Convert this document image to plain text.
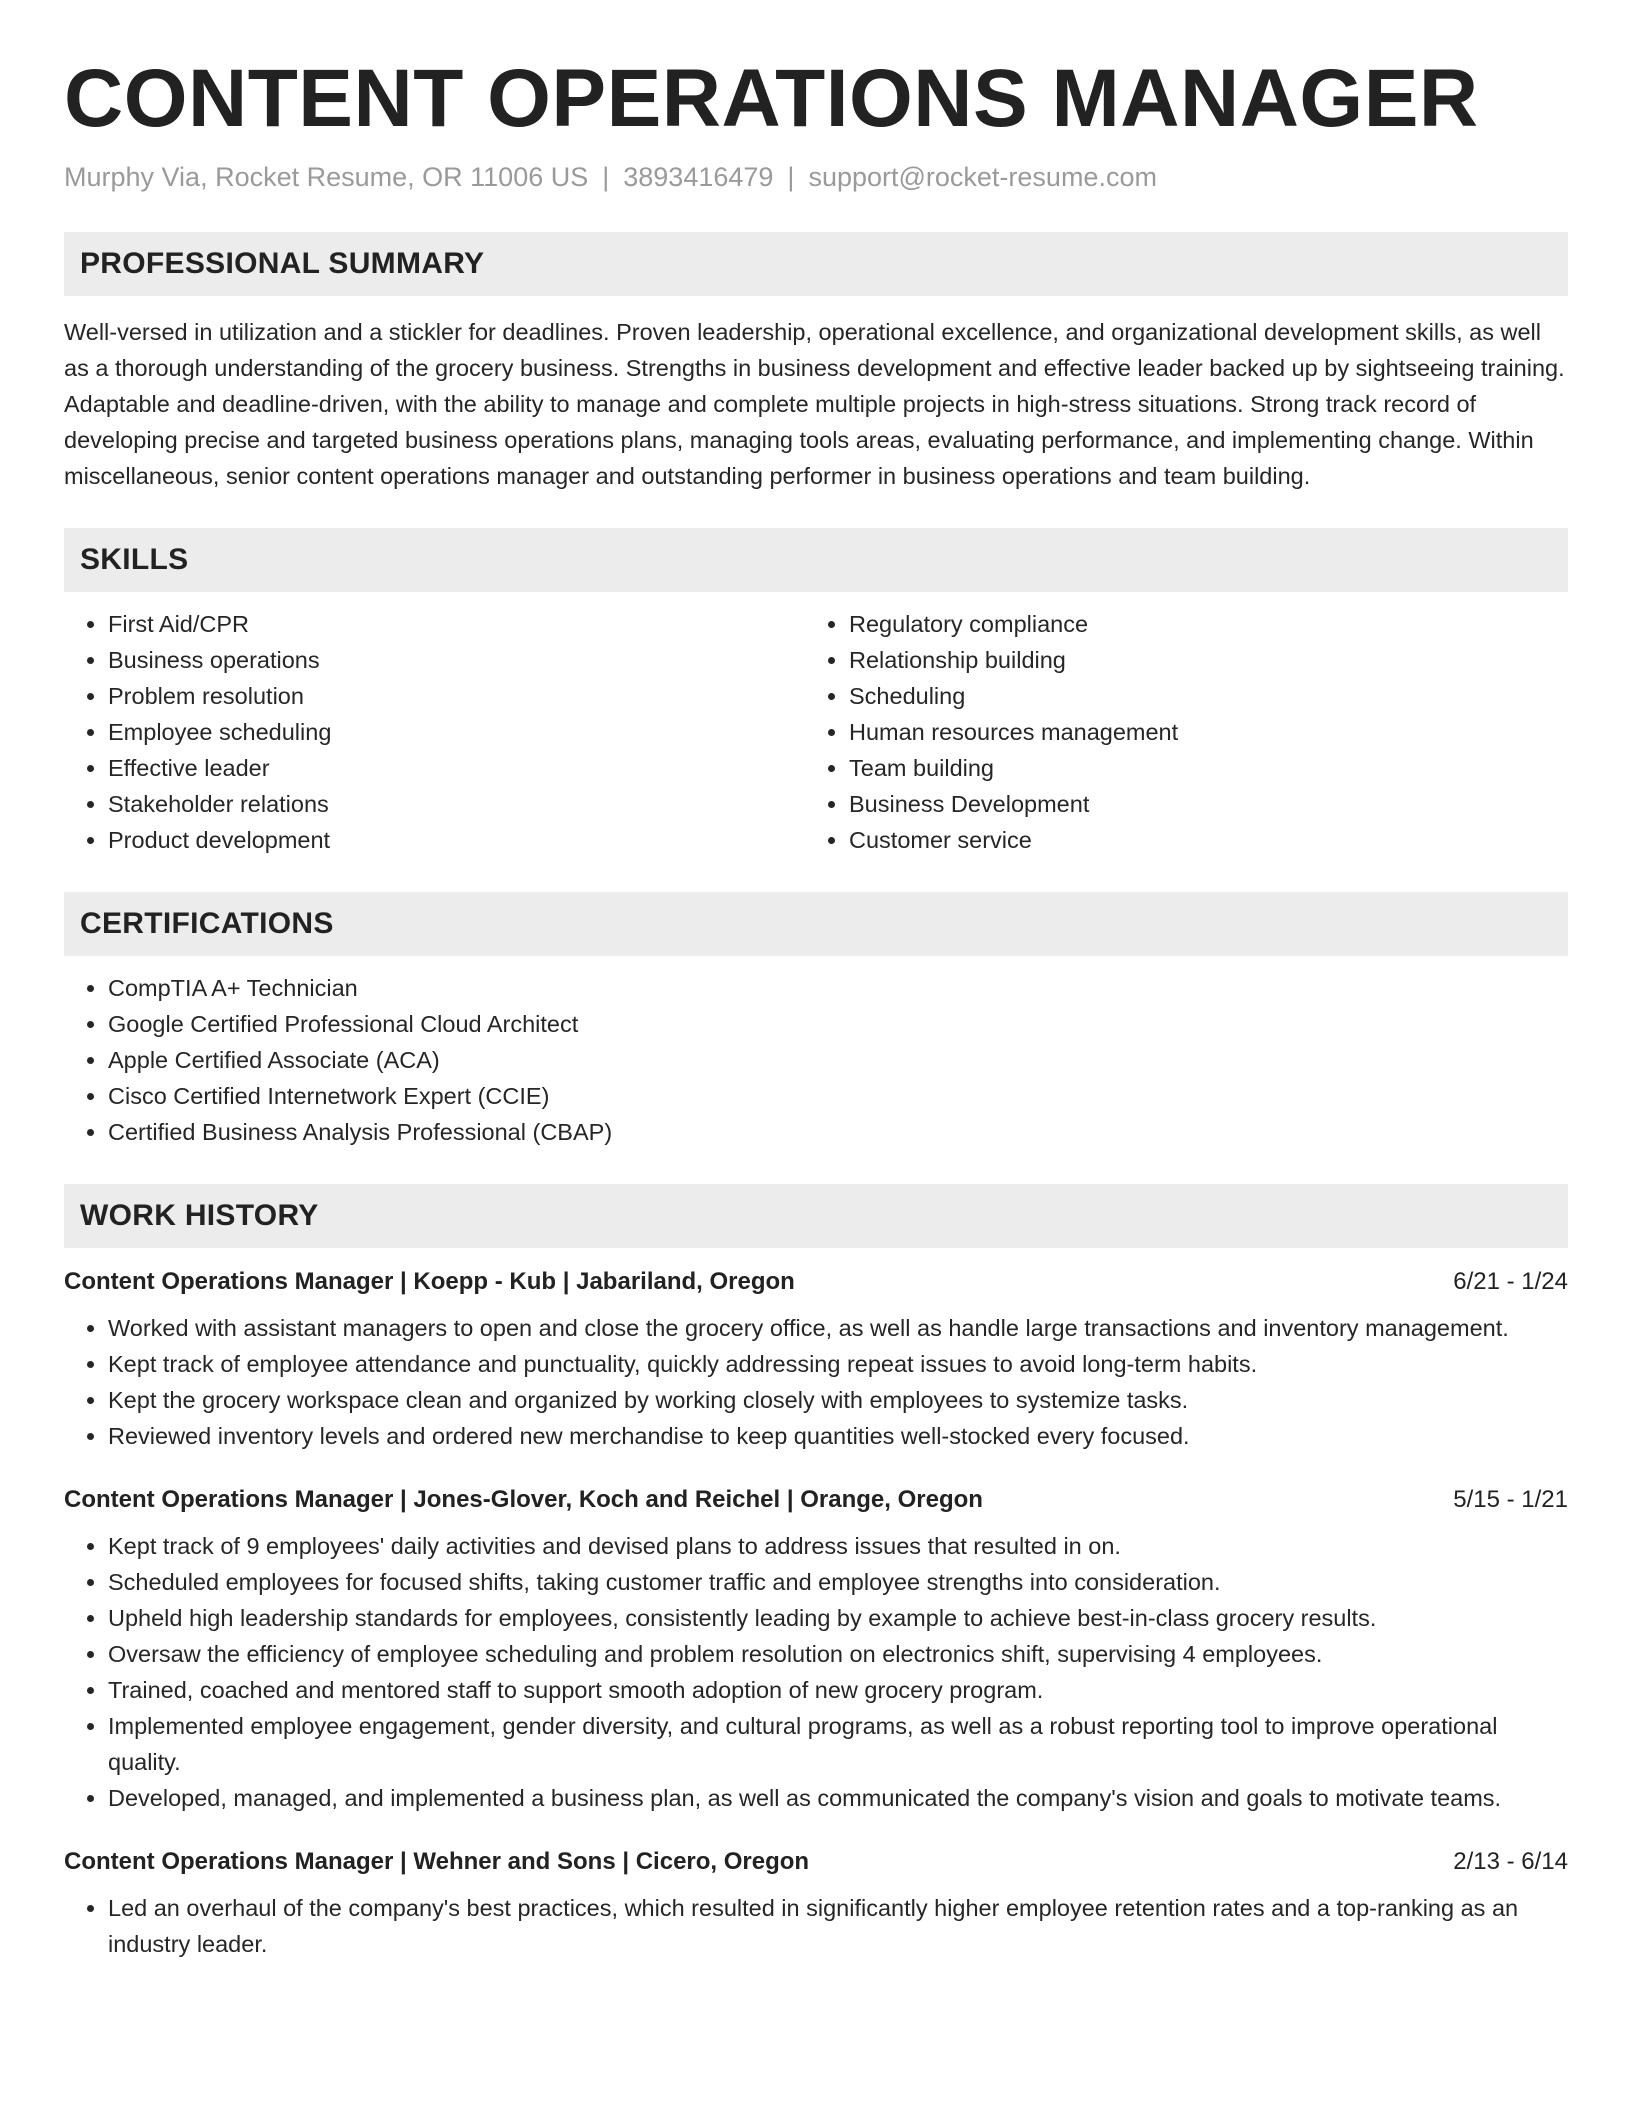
CONTENT OPERATIONS MANAGER
Murphy Via, Rocket Resume, OR 11006 US | 3893416479 | support@rocket-resume.com
PROFESSIONAL SUMMARY

Well-versed in utilization and a stickler for deadlines. Proven leadership, operational excellence, and organizational development skills, as well as a thorough understanding of the grocery business. Strengths in business development and effective leader backed up by sightseeing training. Adaptable and deadline-driven, with the ability to manage and complete multiple projects in high-stress situations. Strong track record of developing precise and targeted business operations plans, managing tools areas, evaluating performance, and implementing change. Within miscellaneous, senior content operations manager and outstanding performer in business operations and team building.

SKILLS
• First Aid/CPR
• Business operations
• Problem resolution
• Employee scheduling
• Effective leader
• Stakeholder relations
• Product development
• Regulatory compliance
• Relationship building
• Scheduling
• Human resources management
• Team building
• Business Development
• Customer service
CERTIFICATIONS
• CompTIA A+ Technician
• Google Certified Professional Cloud Architect
• Apple Certified Associate (ACA)
• Cisco Certified Internetwork Expert (CCIE)
• Certified Business Analysis Professional (CBAP)
WORK HISTORY
Content Operations Manager | Koepp - Kub | Jabariland, Oregon	6/21 - 1/24
• Worked with assistant managers to open and close the grocery office, as well as handle large transactions and inventory management.
• Kept track of employee attendance and punctuality, quickly addressing repeat issues to avoid long-term habits.
• Kept the grocery workspace clean and organized by working closely with employees to systemize tasks.
• Reviewed inventory levels and ordered new merchandise to keep quantities well-stocked every focused.
Content Operations Manager | Jones-Glover, Koch and Reichel | Orange, Oregon	5/15 - 1/21
• Kept track of 9 employees' daily activities and devised plans to address issues that resulted in on.
• Scheduled employees for focused shifts, taking customer traffic and employee strengths into consideration.
• Upheld high leadership standards for employees, consistently leading by example to achieve best-in-class grocery results.
• Oversaw the efficiency of employee scheduling and problem resolution on electronics shift, supervising 4 employees.
• Trained, coached and mentored staff to support smooth adoption of new grocery program.
• Implemented employee engagement, gender diversity, and cultural programs, as well as a robust reporting tool to improve operational quality.
• Developed, managed, and implemented a business plan, as well as communicated the company's vision and goals to motivate teams.
Content Operations Manager | Wehner and Sons | Cicero, Oregon	2/13 - 6/14
• Led an overhaul of the company's best practices, which resulted in significantly higher employee retention rates and a top-ranking as an industry leader.
